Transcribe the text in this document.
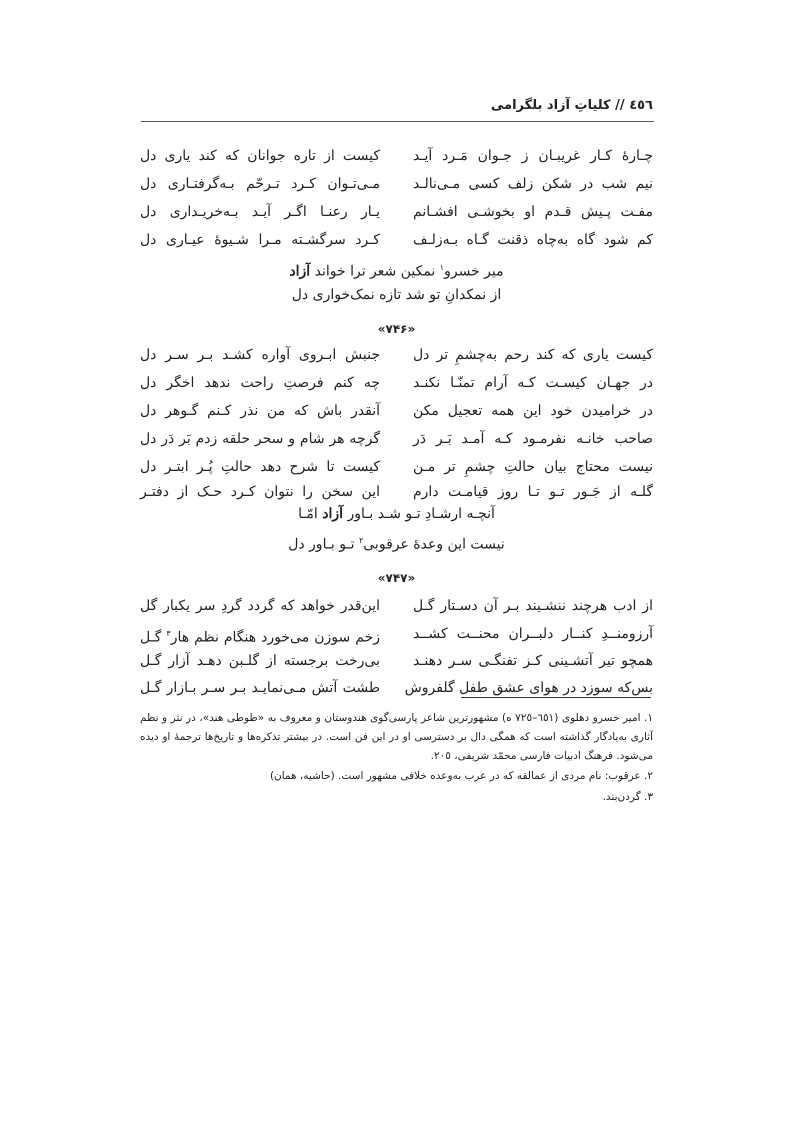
٤٥٦ // کلیاتِ آزاد بلگرامی
چـارهٔ کـار غریبـان ز جـوان مَـرد آیـد
کیست از تاره جوانان که کند یاری دل
نیم شب در شکن زلف کسی مـی‌نالـد
مـی‌تـوان کـرد تـرحّم بـه‌گرفتـاری دل
مفـت پـیش قـدم او بخوشـی افشـانم
یـار رعنـا اگـر آیـد بـه‌خریـداری دل
کم شود گاه به‌چاه ذقنت گـاه بـه‌زلـف
کـرد سرگشـته مـرا شـیوهٔ عیـاری دل
میر خسرو$^١$ نمکین شعر ترا خواند آزاد
از نمکدانِ تو شد تازه نمک‌خواری دل
«۷۴۶»
کیست یاری که کند رحم به‌چشمِ تر دل
جنبش ابـروی آواره کشـد بـر سـر دل
در جهـان کیسـت کـه آرام تمنّـا نکنـد
چه کنم فرصتِ راحت ندهد اخگر دل
در خرامیدن خود این همه تعجیل مکن
آنقدر باش که من نذر کـنم گـوهر دل
صاحب خانـه نفرمـود کـه آمـد بَـر دَر
گرچه هر شام و سحر حلقه زدم بَر دَر دل
نیست محتاج بیان حالتِ چشمِ تر مـن
کیست تا شرح دهد حالتِ پُـر ابتـر دل
گلـه از جَـور تـو تـا روز قیامـت دارم
این سخن را نتوان کـرد حـک از دفتـر
آنچـه ارشـادِ تـو شـد بـاور آزاد امّـا
نیست این وعدهٔ عرقوبی$^٢$ تـو بـاور دل
«۷۴۷»
از ادب هرچند ننشـیند بـر آن دسـتار گـل
این‌قدر خواهد که گردد گردِ سر یکبار گل
آرزومنــدِ کنــار دلبــران محنــت کشــد
زخم سوزن می‌خورد هنگام نظم هار$^٣$ گـل
همچو تیر آتشـینی کـز تفنگـی سـر دهنـد
بی‌رخت برجسته از گلـبن دهـد آزار گـل
بس‌که سوزد در هوای عشق طفل گلفروش
طشت آتش مـی‌نمایـد بـر سـر بـازار گـل
١. امیر خسرو دهلوی (٦٥١–٧٢٥ ه) مشهورترین شاعر پارسی‌گوی هندوستان و معروف به «طوطی هند»، در نثر و نظم آثاری به‌یادگار گذاشته است که همگی دال بر دسترسی او در این فن است. در بیشتر تذکره‌ها و تاریخ‌ها ترجمهٔ او دیده می‌شود. فرهنگ ادبیات فارسی محمّد شریفی، ٢٠٥.
٢. عرقوب: نام مردی از عمالقه که در عرب به‌وعده خلافی مشهور است. (حاشیه، همان)
٣. گردن‌بند.
